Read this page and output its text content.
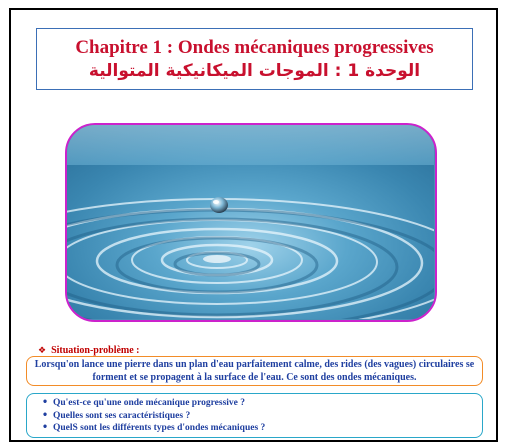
Chapitre 1 : Ondes mécaniques progressives
الوحدة 1 : الموجات الميكانيكية المتوالية
❖ Situation-problème :
Lorsqu'on lance une pierre dans un plan d'eau parfaitement calme, des rides (des vagues) circulaires se forment et se propagent à la surface de l'eau. Ce sont des ondes mécaniques.
• Qu'est-ce qu'une onde mécanique progressive ?
• Quelles sont ses caractéristiques ?
• QuelS sont les différents types d'ondes mécaniques ?
